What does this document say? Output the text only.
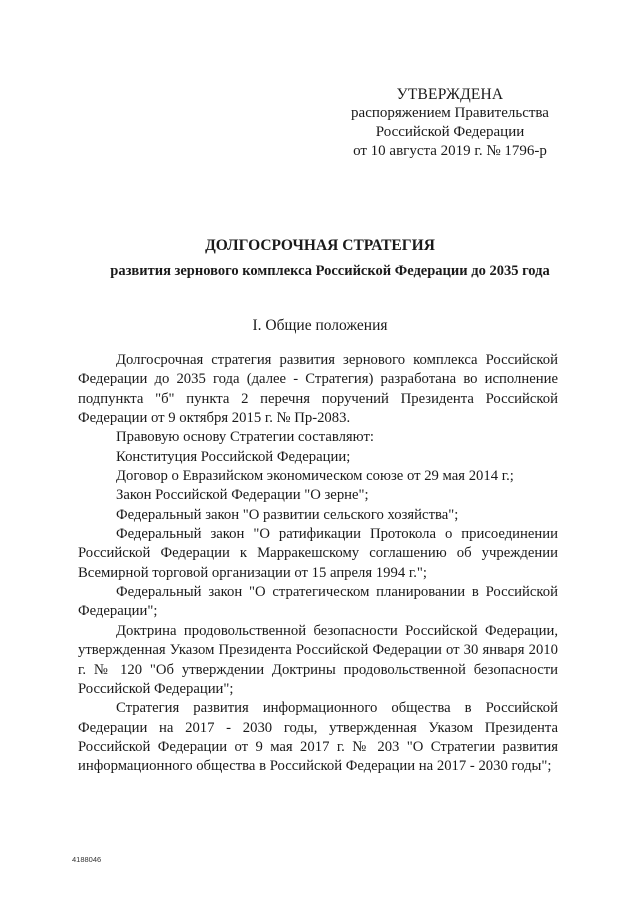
УТВЕРЖДЕНА
распоряжением Правительства
Российской Федерации
от 10 августа 2019 г. № 1796-р
ДОЛГОСРОЧНАЯ СТРАТЕГИЯ
развития зернового комплекса Российской Федерации до 2035 года
I. Общие положения

Долгосрочная стратегия развития зернового комплекса Российской Федерации до 2035 года (далее - Стратегия) разработана во исполнение подпункта "б" пункта 2 перечня поручений Президента Российской Федерации от 9 октября 2015 г. № Пр-2083.

Правовую основу Стратегии составляют:

Конституция Российской Федерации;

Договор о Евразийском экономическом союзе от 29 мая 2014 г.;

Закон Российской Федерации "О зерне";

Федеральный закон "О развитии сельского хозяйства";

Федеральный закон "О ратификации Протокола о присоединении Российской Федерации к Марракешскому соглашению об учреждении Всемирной торговой организации от 15 апреля 1994 г.";

Федеральный закон "О стратегическом планировании в Российской Федерации";

Доктрина продовольственной безопасности Российской Федерации, утвержденная Указом Президента Российской Федерации от 30 января 2010 г. № 120 "Об утверждении Доктрины продовольственной безопасности Российской Федерации";

Стратегия развития информационного общества в Российской Федерации на 2017 - 2030 годы, утвержденная Указом Президента Российской Федерации от 9 мая 2017 г. № 203 "О Стратегии развития информационного общества в Российской Федерации на 2017 - 2030 годы";

4188046
